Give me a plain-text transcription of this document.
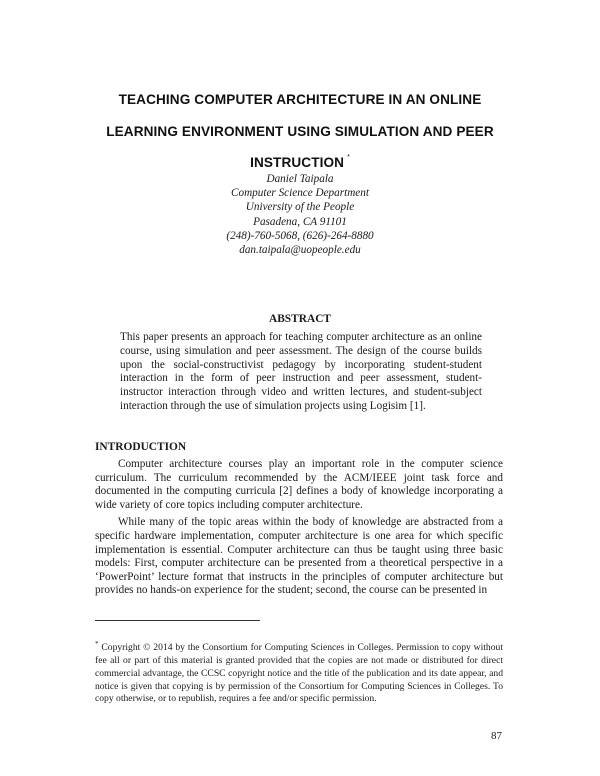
TEACHING COMPUTER ARCHITECTURE IN AN ONLINE
LEARNING ENVIRONMENT USING SIMULATION AND PEER
INSTRUCTION *
Daniel Taipala
Computer Science Department
University of the People
Pasadena, CA 91101
(248)-760-5068, (626)-264-8880
dan.taipala@uopeople.edu
ABSTRACT
This paper presents an approach for teaching computer architecture as an online course, using simulation and peer assessment. The design of the course builds upon the social-constructivist pedagogy by incorporating student-student interaction in the form of peer instruction and peer assessment, student-instructor interaction through video and written lectures, and student-subject interaction through the use of simulation projects using Logisim [1].
INTRODUCTION

Computer architecture courses play an important role in the computer science curriculum. The curriculum recommended by the ACM/IEEE joint task force and documented in the computing curricula [2] defines a body of knowledge incorporating a wide variety of core topics including computer architecture.

While many of the topic areas within the body of knowledge are abstracted from a specific hardware implementation, computer architecture is one area for which specific implementation is essential. Computer architecture can thus be taught using three basic models: First, computer architecture can be presented from a theoretical perspective in a ‘PowerPoint’ lecture format that instructs in the principles of computer architecture but provides no hands-on experience for the student; second, the course can be presented in

* Copyright © 2014 by the Consortium for Computing Sciences in Colleges. Permission to copy without fee all or part of this material is granted provided that the copies are not made or distributed for direct commercial advantage, the CCSC copyright notice and the title of the publication and its date appear, and notice is given that copying is by permission of the Consortium for Computing Sciences in Colleges. To copy otherwise, or to republish, requires a fee and/or specific permission.
87
